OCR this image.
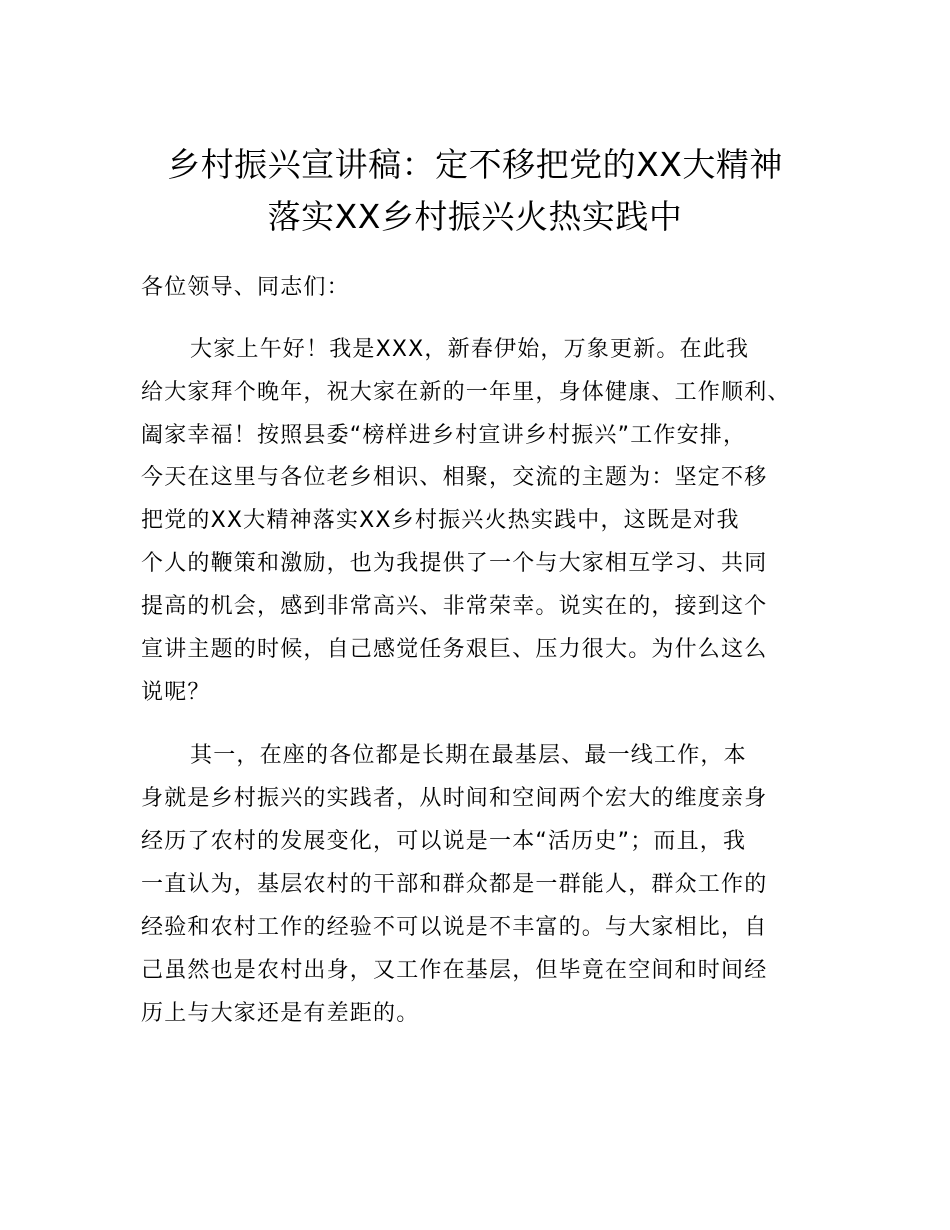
乡村振兴宣讲稿：定不移把党的XX大精神
落实XX乡村振兴火热实践中
各位领导、同志们：
大家上午好！我是XXX，新春伊始，万象更新。在此我
给大家拜个晚年，祝大家在新的一年里，身体健康、工作顺利、
阖家幸福！按照县委“榜样进乡村宣讲乡村振兴”工作安排，
今天在这里与各位老乡相识、相聚，交流的主题为：坚定不移
把党的XX大精神落实XX乡村振兴火热实践中，这既是对我
个人的鞭策和激励，也为我提供了一个与大家相互学习、共同
提高的机会，感到非常高兴、非常荣幸。说实在的，接到这个
宣讲主题的时候，自己感觉任务艰巨、压力很大。为什么这么
说呢？
其一，在座的各位都是长期在最基层、最一线工作，本
身就是乡村振兴的实践者，从时间和空间两个宏大的维度亲身
经历了农村的发展变化，可以说是一本“活历史”；而且，我
一直认为，基层农村的干部和群众都是一群能人，群众工作的
经验和农村工作的经验不可以说是不丰富的。与大家相比，自
己虽然也是农村出身，又工作在基层，但毕竟在空间和时间经
历上与大家还是有差距的。
